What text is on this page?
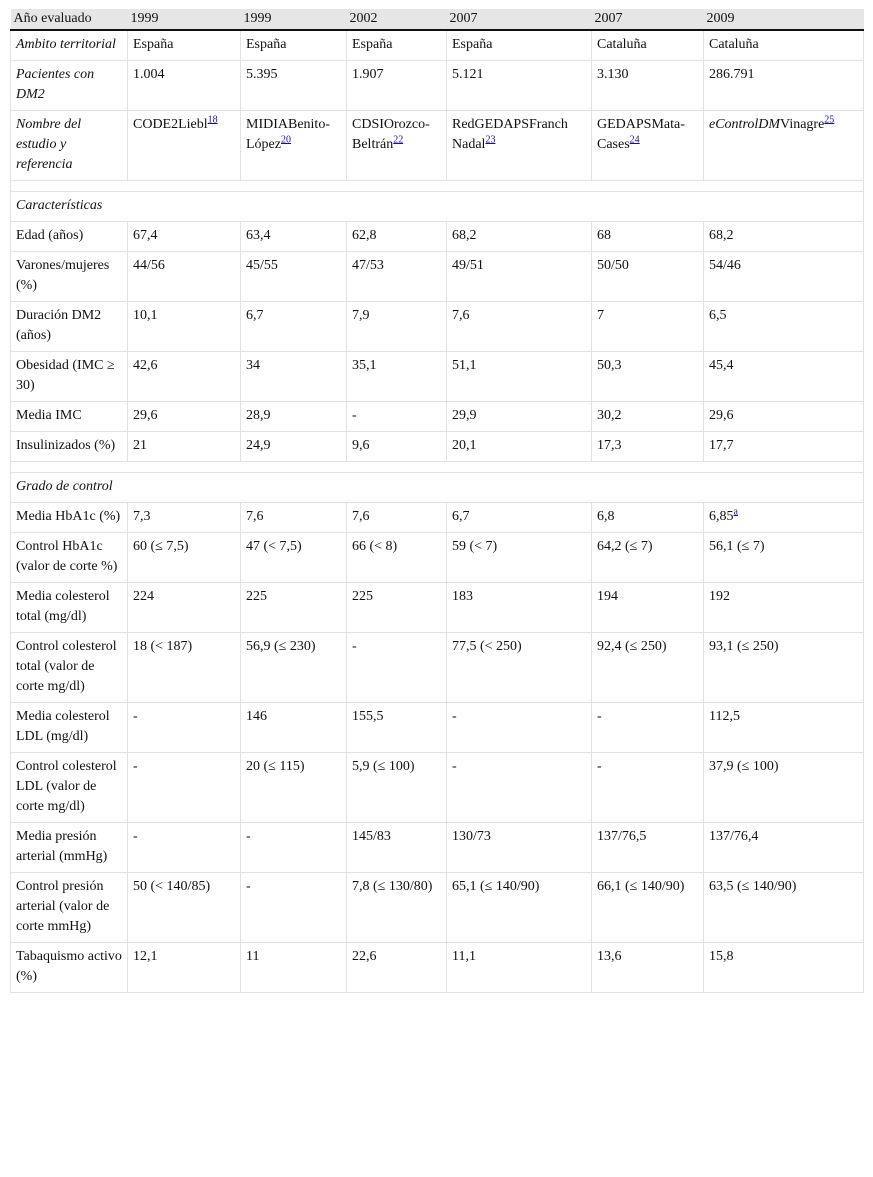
Año evaluado	1999	1999	2002	2007	2007	2009
Ambito territorial	España	España	España	España	Cataluña	Cataluña
Pacientes con DM2	1.004	5.395	1.907	5.121	3.130	286.791
Nombre del estudio y referencia	CODE2Liebl$^{18}$	MIDIABenito-López$^{20}$	CDSIOrozco-Beltrán$^{22}$	RedGEDAPSFranch Nadal$^{23}$	GEDAPSMata-Cases$^{24}$	eControlDMVinagre$^{25}$

Características						
Edad (años)	67,4	63,4	62,8	68,2	68	68,2
Varones/mujeres (%)	44/56	45/55	47/53	49/51	50/50	54/46
Duración DM2 (años)	10,1	6,7	7,9	7,6	7	6,5
Obesidad (IMC ≥ 30)	42,6	34	35,1	51,1	50,3	45,4
Media IMC	29,6	28,9	-	29,9	30,2	29,6
Insulinizados (%)	21	24,9	9,6	20,1	17,3	17,7

Grado de control						
Media HbA1c (%)	7,3	7,6	7,6	6,7	6,8	6,85$^a$
Control HbA1c (valor de corte %)	60 (≤ 7,5)	47 (< 7,5)	66 (< 8)	59 (< 7)	64,2 (≤ 7)	56,1 (≤ 7)
Media colesterol total (mg/dl)	224	225	225	183	194	192
Control colesterol total (valor de corte mg/dl)	18 (< 187)	56,9 (≤ 230)	-	77,5 (< 250)	92,4 (≤ 250)	93,1 (≤ 250)
Media colesterol LDL (mg/dl)	-	146	155,5	-	-	112,5
Control colesterol LDL (valor de corte mg/dl)	-	20 (≤ 115)	5,9 (≤ 100)	-	-	37,9 (≤ 100)
Media presión arterial (mmHg)	-	-	145/83	130/73	137/76,5	137/76,4
Control presión arterial (valor de corte mmHg)	50 (< 140/85)	-	7,8 (≤ 130/80)	65,1 (≤ 140/90)	66,1 (≤ 140/90)	63,5 (≤ 140/90)
Tabaquismo activo (%)	12,1	11	22,6	11,1	13,6	15,8
